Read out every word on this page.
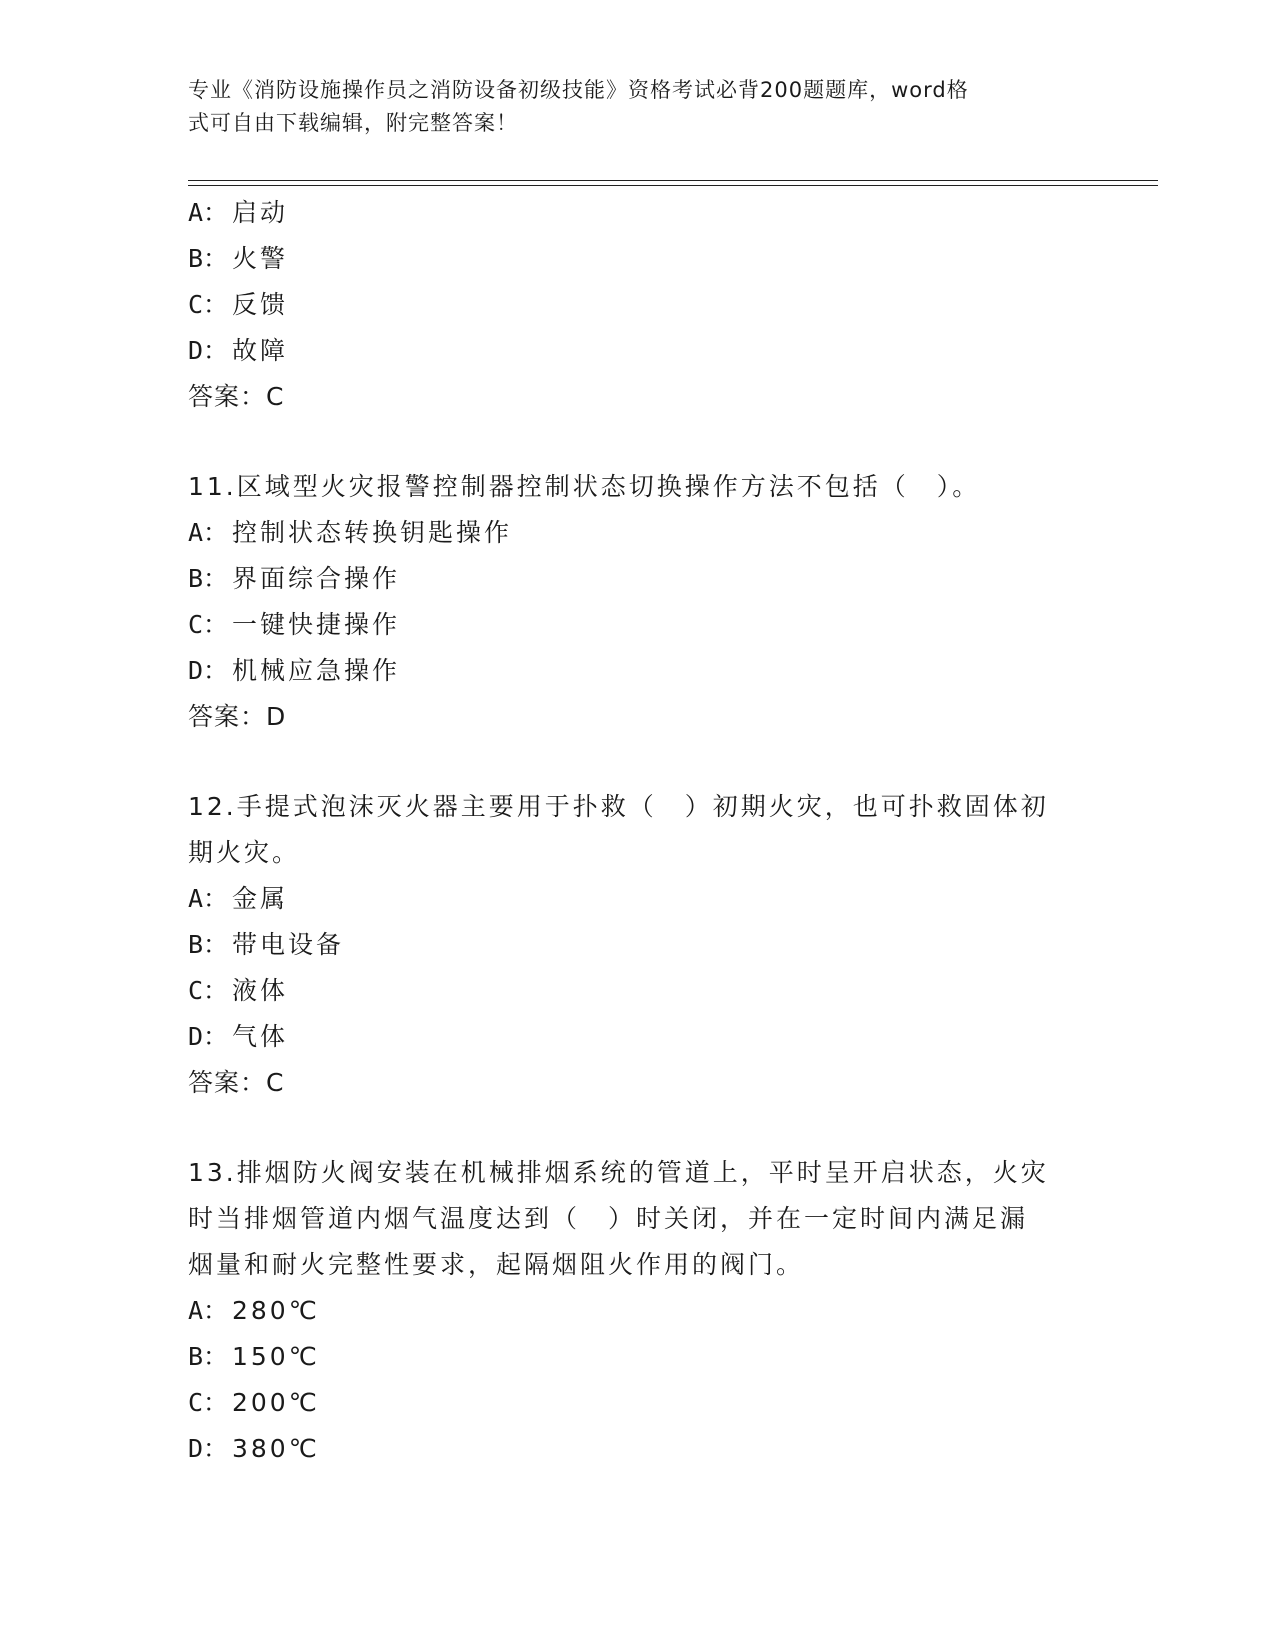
专业《消防设施操作员之消防设备初级技能》资格考试必背200题题库，word格
式可自由下载编辑，附完整答案！
A： 启动
B： 火警
C： 反馈
D： 故障
答案：C
11.区域型火灾报警控制器控制状态切换操作方法不包括（　）。
A： 控制状态转换钥匙操作
B： 界面综合操作
C： 一键快捷操作
D： 机械应急操作
答案：D
12.手提式泡沫灭火器主要用于扑救（　）初期火灾，也可扑救固体初
期火灾。
A： 金属
B： 带电设备
C： 液体
D： 气体
答案：C
13.排烟防火阀安装在机械排烟系统的管道上，平时呈开启状态，火灾
时当排烟管道内烟气温度达到（　）时关闭，并在一定时间内满足漏
烟量和耐火完整性要求，起隔烟阻火作用的阀门。
A： 280℃
B： 150℃
C： 200℃
D： 380℃
